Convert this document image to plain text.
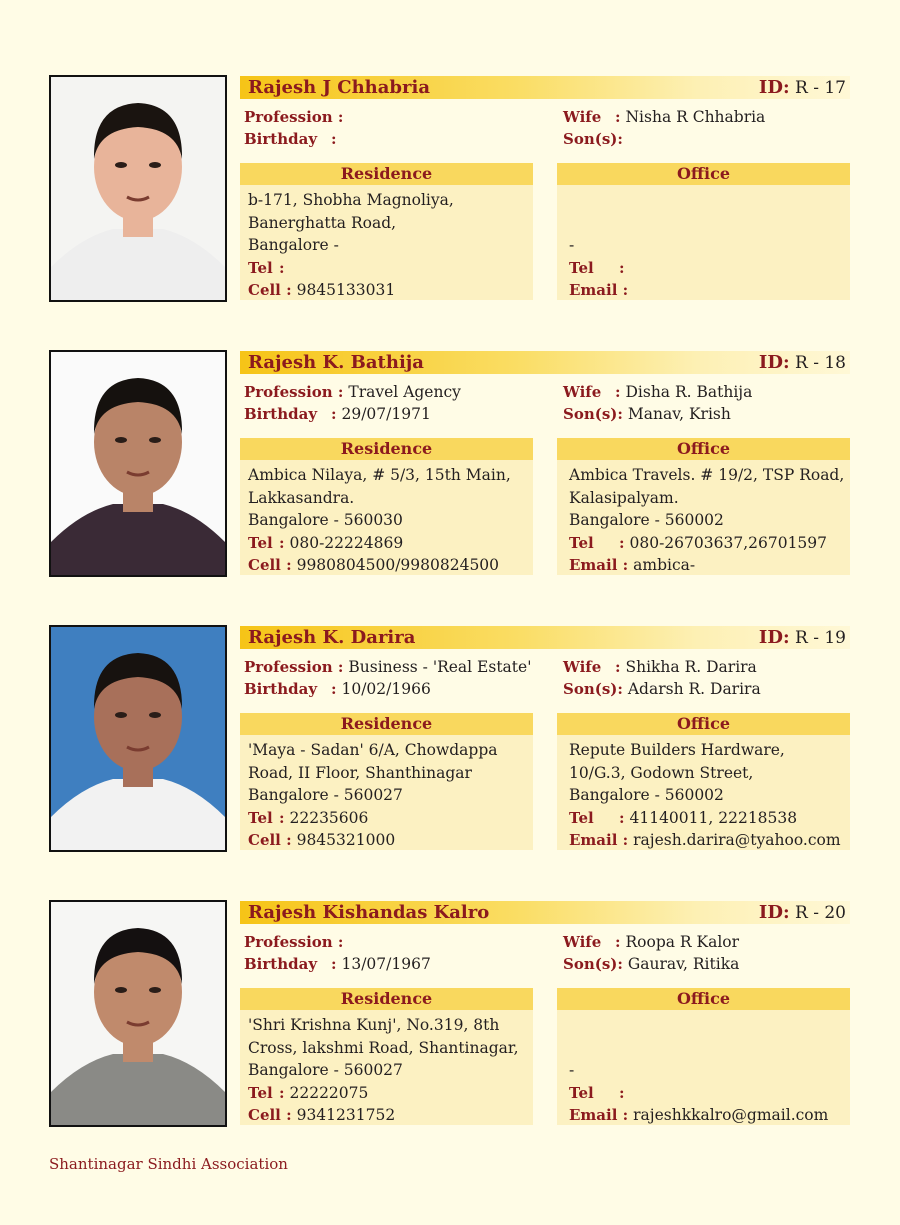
Rajesh J Chhabria	ID: R - 17
Profession :
Birthday :
Wife : Nisha R Chhabria
Son(s):
Residence
b-171, Shobha Magnoliya,
Banerghatta Road,
Bangalore -
Tel :
Cell : 9845133031
Office
-
Tel :
Email :
Rajesh K. Bathija	ID: R - 18
Profession : Travel Agency
Birthday : 29/07/1971
Wife : Disha R. Bathija
Son(s): Manav, Krish
Residence
Ambica Nilaya, # 5/3, 15th Main,
Lakkasandra.
Bangalore - 560030
Tel : 080-22224869
Cell : 9980804500/9980824500
Office
Ambica Travels. # 19/2, TSP Road,
Kalasipalyam.
Bangalore - 560002
Tel : 080-26703637,26701597
Email : ambica-
Rajesh K. Darira	ID: R - 19
Profession : Business - 'Real Estate'
Birthday : 10/02/1966
Wife : Shikha R. Darira
Son(s): Adarsh R. Darira
Residence
'Maya - Sadan' 6/A, Chowdappa
Road, II Floor, Shanthinagar
Bangalore - 560027
Tel : 22235606
Cell : 9845321000
Office
Repute Builders Hardware,
10/G.3, Godown Street,
Bangalore - 560002
Tel : 41140011, 22218538
Email : rajesh.darira@tyahoo.com
Rajesh Kishandas Kalro	ID: R - 20
Profession :
Birthday : 13/07/1967
Wife : Roopa R Kalor
Son(s): Gaurav, Ritika
Residence
'Shri Krishna Kunj', No.319, 8th
Cross, lakshmi Road, Shantinagar,
Bangalore - 560027
Tel : 22222075
Cell : 9341231752
Office
-
Tel :
Email : rajeshkkalro@gmail.com
Shantinagar Sindhi Association
